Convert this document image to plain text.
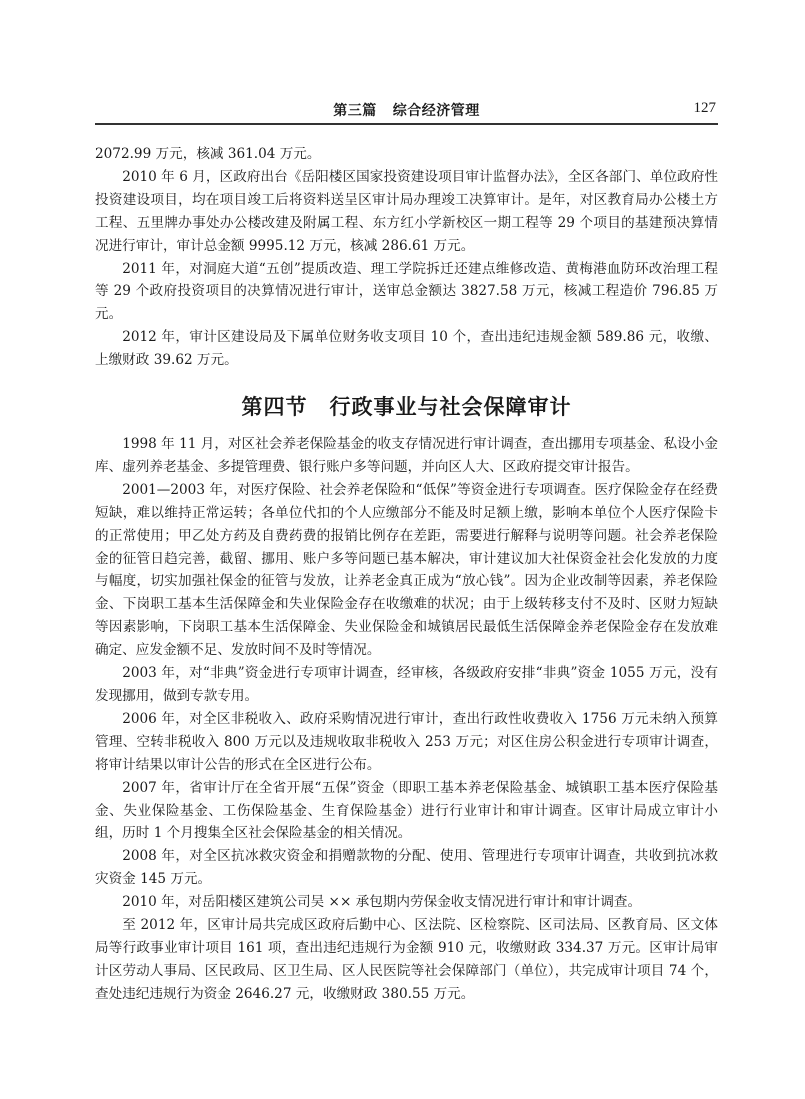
第三篇 综合经济管理	127

2072.99 万元，核减 361.04 万元。

2010 年 6 月，区政府出台《岳阳楼区国家投资建设项目审计监督办法》，全区各部门、单位政府性投资建设项目，均在项目竣工后将资料送呈区审计局办理竣工决算审计。是年，对区教育局办公楼土方工程、五里牌办事处办公楼改建及附属工程、东方红小学新校区一期工程等 29 个项目的基建预决算情况进行审计，审计总金额 9995.12 万元，核减 286.61 万元。

2011 年，对洞庭大道“五创”提质改造、理工学院拆迁还建点维修改造、黄梅港血防环改治理工程等 29 个政府投资项目的决算情况进行审计，送审总金额达 3827.58 万元，核减工程造价 796.85 万元。

2012 年，审计区建设局及下属单位财务收支项目 10 个，查出违纪违规金额 589.86 元，收缴、上缴财政 39.62 万元。

第四节 行政事业与社会保障审计

1998 年 11 月，对区社会养老保险基金的收支存情况进行审计调查，查出挪用专项基金、私设小金库、虚列养老基金、多提管理费、银行账户多等问题，并向区人大、区政府提交审计报告。

2001—2003 年，对医疗保险、社会养老保险和“低保”等资金进行专项调查。医疗保险金存在经费短缺，难以维持正常运转；各单位代扣的个人应缴部分不能及时足额上缴，影响本单位个人医疗保险卡的正常使用；甲乙处方药及自费药费的报销比例存在差距，需要进行解释与说明等问题。社会养老保险金的征管日趋完善，截留、挪用、账户多等问题已基本解决，审计建议加大社保资金社会化发放的力度与幅度，切实加强社保金的征管与发放，让养老金真正成为“放心钱”。因为企业改制等因素，养老保险金、下岗职工基本生活保障金和失业保险金存在收缴难的状况；由于上级转移支付不及时、区财力短缺等因素影响，下岗职工基本生活保障金、失业保险金和城镇居民最低生活保障金养老保险金存在发放难确定、应发金额不足、发放时间不及时等情况。

2003 年，对“非典”资金进行专项审计调查，经审核，各级政府安排“非典”资金 1055 万元，没有发现挪用，做到专款专用。

2006 年，对全区非税收入、政府采购情况进行审计，查出行政性收费收入 1756 万元未纳入预算管理、空转非税收入 800 万元以及违规收取非税收入 253 万元；对区住房公积金进行专项审计调查，将审计结果以审计公告的形式在全区进行公布。

2007 年，省审计厅在全省开展“五保”资金（即职工基本养老保险基金、城镇职工基本医疗保险基金、失业保险基金、工伤保险基金、生育保险基金）进行行业审计和审计调查。区审计局成立审计小组，历时 1 个月搜集全区社会保险基金的相关情况。

2008 年，对全区抗冰救灾资金和捐赠款物的分配、使用、管理进行专项审计调查，共收到抗冰救灾资金 145 万元。

2010 年，对岳阳楼区建筑公司吴 ×× 承包期内劳保金收支情况进行审计和审计调查。

至 2012 年，区审计局共完成区政府后勤中心、区法院、区检察院、区司法局、区教育局、区文体局等行政事业审计项目 161 项，查出违纪违规行为金额 910 元，收缴财政 334.37 万元。区审计局审计区劳动人事局、区民政局、区卫生局、区人民医院等社会保障部门（单位），共完成审计项目 74 个，查处违纪违规行为资金 2646.27 元，收缴财政 380.55 万元。
